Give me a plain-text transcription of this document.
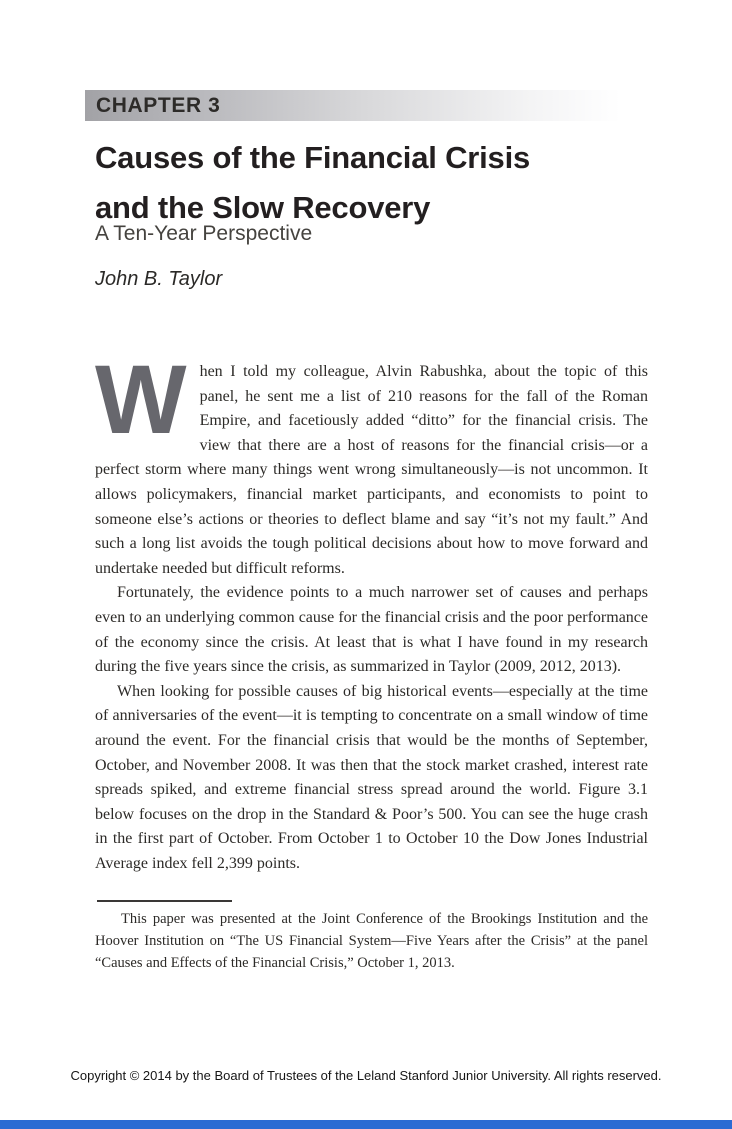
CHAPTER 3
Causes of the Financial Crisis
and the Slow Recovery
A Ten-Year Perspective
John B. Taylor

When I told my colleague, Alvin Rabushka, about the topic of this panel, he sent me a list of 210 reasons for the fall of the Roman Empire, and facetiously added “ditto” for the financial crisis. The view that there are a host of reasons for the financial crisis—or a perfect storm where many things went wrong simultaneously—is not uncommon. It allows policymakers, financial market participants, and economists to point to someone else’s actions or theories to deflect blame and say “it’s not my fault.” And such a long list avoids the tough political decisions about how to move forward and undertake needed but difficult reforms.

Fortunately, the evidence points to a much narrower set of causes and perhaps even to an underlying common cause for the financial crisis and the poor performance of the economy since the crisis. At least that is what I have found in my research during the five years since the crisis, as summarized in Taylor (2009, 2012, 2013).

When looking for possible causes of big historical events—especially at the time of anniversaries of the event—it is tempting to concentrate on a small window of time around the event. For the financial crisis that would be the months of September, October, and November 2008. It was then that the stock market crashed, interest rate spreads spiked, and extreme financial stress spread around the world. Figure 3.1 below focuses on the drop in the Standard & Poor’s 500. You can see the huge crash in the first part of October. From October 1 to October 10 the Dow Jones Industrial Average index fell 2,399 points.

This paper was presented at the Joint Conference of the Brookings Institution and the Hoover Institution on “The US Financial System—Five Years after the Crisis” at the panel “Causes and Effects of the Financial Crisis,” October 1, 2013.
Copyright © 2014 by the Board of Trustees of the Leland Stanford Junior University. All rights reserved.
